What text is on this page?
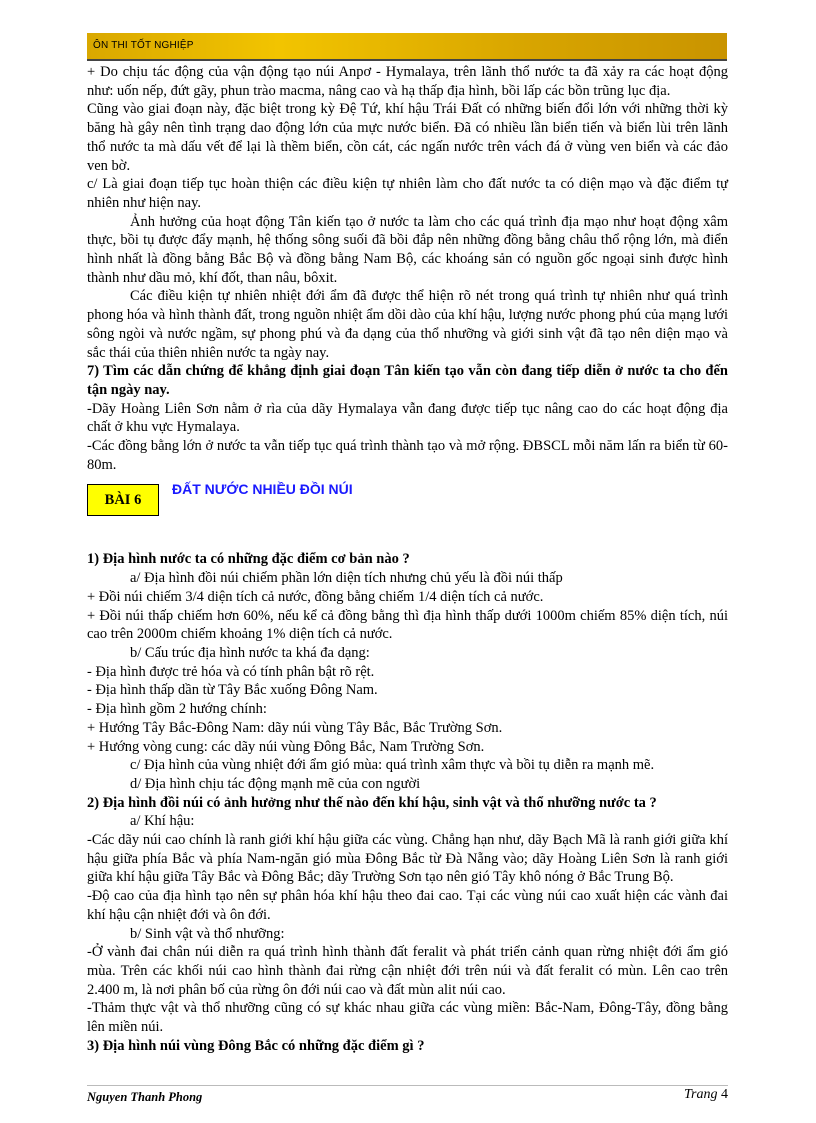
ÔN THI TỐT NGHIỆP

+ Do chịu tác động của vận động tạo núi Anpơ - Hymalaya, trên lãnh thổ nước ta đã xảy ra các hoạt động như: uốn nếp, đứt gãy, phun trào macma, nâng cao và hạ thấp địa hình, bồi lấp các bồn trũng lục địa.

Cũng vào giai đoạn này, đặc biệt trong kỳ Đệ Tứ, khí hậu Trái Đất có những biến đổi lớn với những thời kỳ băng hà gây nên tình trạng dao động lớn của mực nước biển. Đã có nhiều lần biển tiến và biển lùi trên lãnh thổ nước ta mà dấu vết để lại là thềm biển, cồn cát, các ngấn nước trên vách đá ở vùng ven biển và các đảo ven bờ.

c/ Là giai đoạn tiếp tục hoàn thiện các điều kiện tự nhiên làm cho đất nước ta có diện mạo và đặc điểm tự nhiên như hiện nay.

Ảnh hưởng của hoạt động Tân kiến tạo ở nước ta làm cho các quá trình địa mạo như hoạt động xâm thực, bồi tụ được đẩy mạnh, hệ thống sông suối đã bồi đắp nên những đồng bằng châu thổ rộng lớn, mà điển hình nhất là đồng bằng Bắc Bộ và đồng bằng Nam Bộ, các khoáng sản có nguồn gốc ngoại sinh được hình thành như dầu mỏ, khí đốt, than nâu, bôxit.

Các điều kiện tự nhiên nhiệt đới ẩm đã được thể hiện rõ nét trong quá trình tự nhiên như quá trình phong hóa và hình thành đất, trong nguồn nhiệt ẩm dồi dào của khí hậu, lượng nước phong phú của mạng lưới sông ngòi và nước ngầm, sự phong phú và đa dạng của thổ nhưỡng và giới sinh vật đã tạo nên diện mạo và sắc thái của thiên nhiên nước ta ngày nay.

7) Tìm các dẫn chứng để khẳng định giai đoạn Tân kiến tạo vẫn còn đang tiếp diễn ở nước ta cho đến tận ngày nay.

-Dãy Hoàng Liên Sơn nằm ở rìa của dãy Hymalaya vẫn đang được tiếp tục nâng cao do các hoạt động địa chất ở khu vực Hymalaya.

-Các đồng bằng lớn ở nước ta vẫn tiếp tục quá trình thành tạo và mở rộng. ĐBSCL mỗi năm lấn ra biển từ 60-80m.

BÀI 6
ĐẤT NƯỚC NHIỀU ĐỒI NÚI

1) Địa hình nước ta có những đặc điểm cơ bản nào ?

a/ Địa hình đồi núi chiếm phần lớn diện tích nhưng chủ yếu là đồi núi thấp

+ Đồi núi chiếm 3/4 diện tích cả nước, đồng bằng chiếm 1/4 diện tích cả nước.

+ Đồi núi thấp chiếm hơn 60%, nếu kể cả đồng bằng thì địa hình thấp dưới 1000m chiếm 85% diện tích, núi cao trên 2000m chiếm khoảng 1% diện tích cả nước.

b/ Cấu trúc địa hình nước ta khá đa dạng:

- Địa hình được trẻ hóa và có tính phân bật rõ rệt.

- Địa hình thấp dần từ Tây Bắc xuống Đông Nam.

- Địa hình gồm 2 hướng chính:

+ Hướng Tây Bắc-Đông Nam: dãy núi vùng Tây Bắc, Bắc Trường Sơn.

+ Hướng vòng cung: các dãy núi vùng Đông Bắc, Nam Trường Sơn.

c/ Địa hình của vùng nhiệt đới ẩm gió mùa: quá trình xâm thực và bồi tụ diễn ra mạnh mẽ.

d/ Địa hình chịu tác động mạnh mẽ của con người

2) Địa hình đồi núi có ảnh hưởng như thế nào đến khí hậu, sinh vật và thổ nhưỡng nước ta ?

a/ Khí hậu:

-Các dãy núi cao chính là ranh giới khí hậu giữa các vùng. Chẳng hạn như, dãy Bạch Mã là ranh giới giữa khí hậu giữa phía Bắc và phía Nam-ngăn gió mùa Đông Bắc từ Đà Nẵng vào; dãy Hoàng Liên Sơn là ranh giới giữa khí hậu giữa Tây Bắc và Đông Bắc; dãy Trường Sơn tạo nên gió Tây khô nóng ở Bắc Trung Bộ.

-Độ cao của địa hình tạo nên sự phân hóa khí hậu theo đai cao. Tại các vùng núi cao xuất hiện các vành đai khí hậu cận nhiệt đới và ôn đới.

b/ Sinh vật và thổ nhưỡng:

-Ở vành đai chân núi diễn ra quá trình hình thành đất feralit và phát triển cảnh quan rừng nhiệt đới ẩm gió mùa. Trên các khối núi cao hình thành đai rừng cận nhiệt đới trên núi và đất feralit có mùn. Lên cao trên 2.400 m, là nơi phân bố của rừng ôn đới núi cao và đất mùn alit núi cao.

-Thảm thực vật và thổ nhưỡng cũng có sự khác nhau giữa các vùng miền: Bắc-Nam, Đông-Tây, đồng bằng lên miền núi.

3) Địa hình núi vùng Đông Bắc có những đặc điểm gì ?

Nguyen Thanh Phong	Trang 4
